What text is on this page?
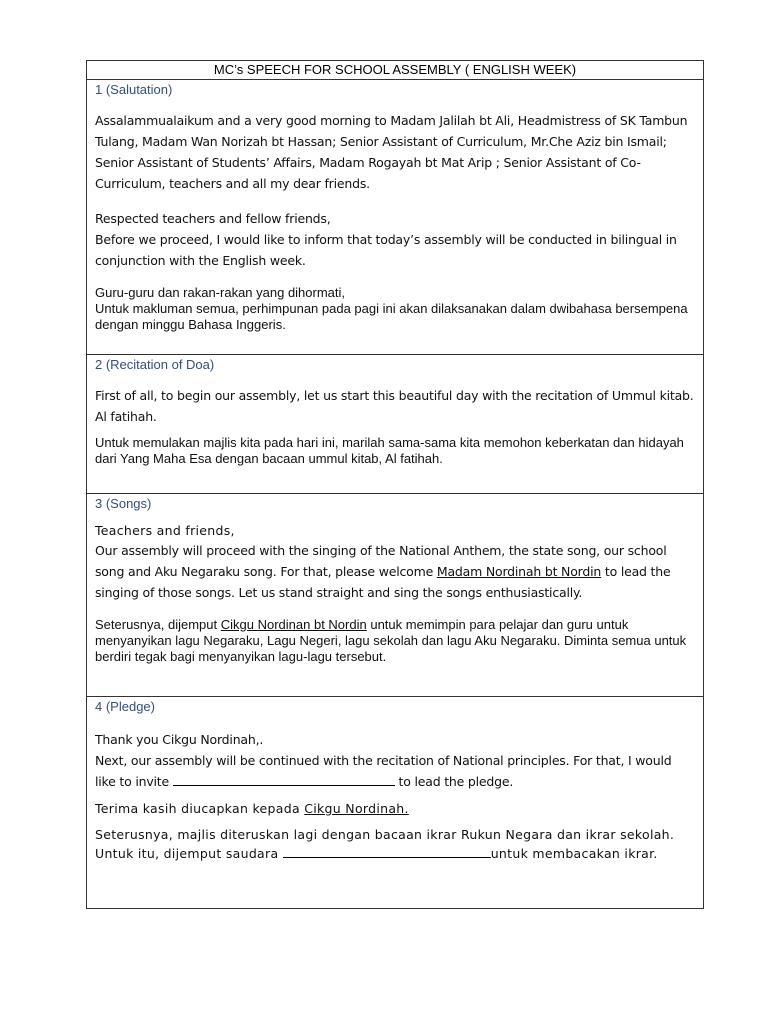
MC’s SPEECH FOR SCHOOL ASSEMBLY ( ENGLISH WEEK)
1 (Salutation)
Assalammualaikum and a very good morning to Madam Jalilah bt Ali, Headmistress of SK Tambun Tulang, Madam Wan Norizah bt Hassan; Senior Assistant of Curriculum, Mr.Che Aziz bin Ismail; Senior Assistant of Students’ Affairs, Madam Rogayah bt Mat Arip ; Senior Assistant of Co-Curriculum, teachers and all my dear friends.
Respected teachers and fellow friends,
Before we proceed, I would like to inform that today’s assembly will be conducted in bilingual in conjunction with the English week.
Guru-guru dan rakan-rakan yang dihormati,
Untuk makluman semua, perhimpunan pada pagi ini akan dilaksanakan dalam dwibahasa bersempena dengan minggu Bahasa Inggeris.
2 (Recitation of Doa)
First of all, to begin our assembly, let us start this beautiful day with the recitation of Ummul kitab. Al fatihah.
Untuk memulakan majlis kita pada hari ini, marilah sama-sama kita memohon keberkatan dan hidayah dari Yang Maha Esa dengan bacaan ummul kitab, Al fatihah.
3 (Songs)
Teachers and friends,
Our assembly will proceed with the singing of the National Anthem, the state song, our school song and Aku Negaraku song. For that, please welcome Madam Nordinah bt Nordin to lead the singing of those songs. Let us stand straight and sing the songs enthusiastically.
Seterusnya, dijemput Cikgu Nordinan bt Nordin untuk memimpin para pelajar dan guru untuk menyanyikan lagu Negaraku, Lagu Negeri, lagu sekolah dan lagu Aku Negaraku. Diminta semua untuk berdiri tegak bagi menyanyikan lagu-lagu tersebut.
4 (Pledge)
Thank you Cikgu Nordinah,.
Next, our assembly will be continued with the recitation of National principles. For that, I would like to invite	to lead the pledge.
Terima kasih diucapkan kepada Cikgu Nordinah.
Seterusnya, majlis diteruskan lagi dengan bacaan ikrar Rukun Negara dan ikrar sekolah. Untuk itu, dijemput saudara	untuk membacakan ikrar.
